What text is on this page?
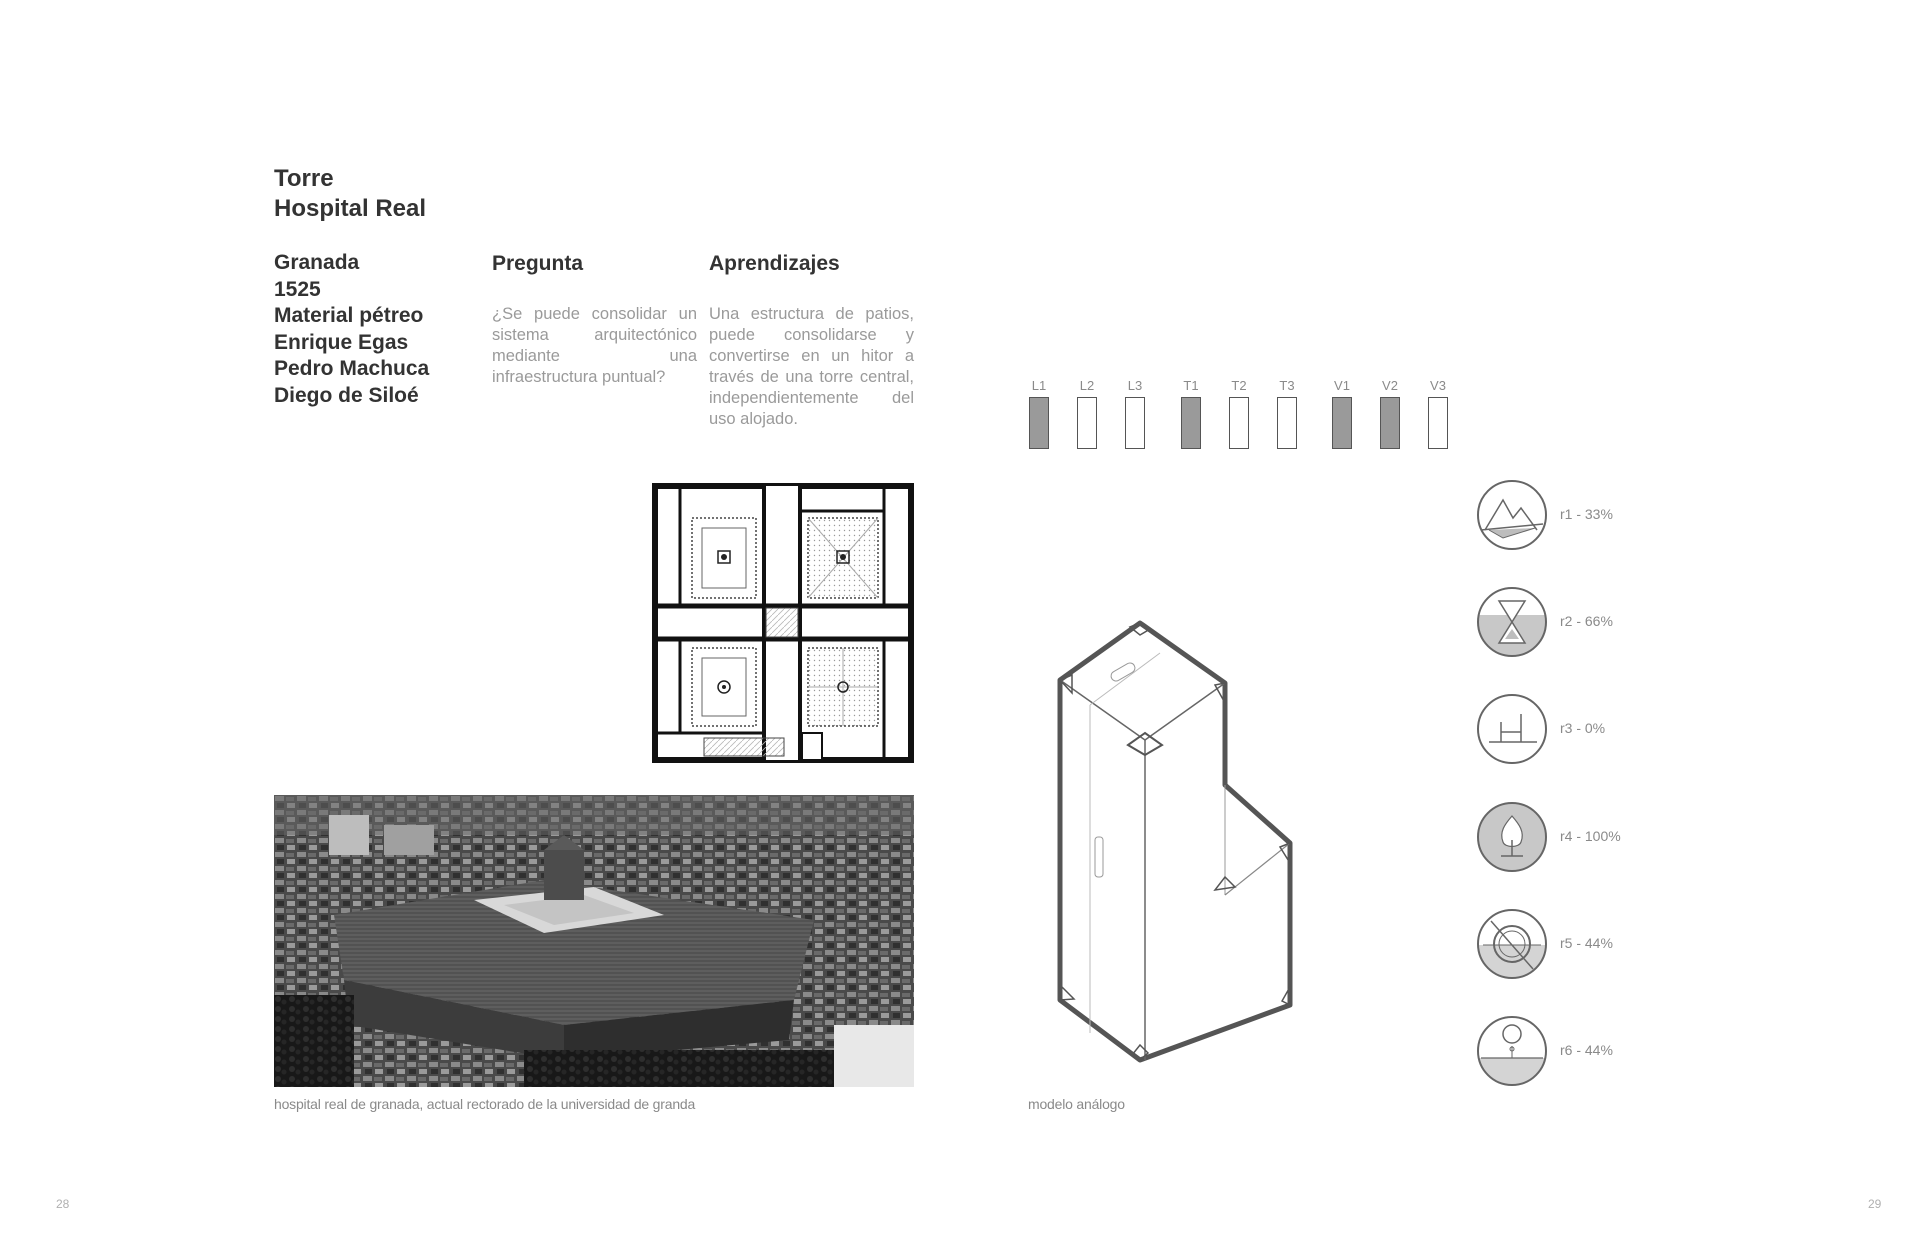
Torre
Hospital Real
Granada
1525
Material pétreo
Enrique Egas
Pedro Machuca
Diego de Siloé
Pregunta
¿Se puede consolidar un sistema arquitectónico mediante una infraestructura puntual?
Aprendizajes
Una estructura de patios, puede consolidarse y convertirse en un hitor a través de una torre central, independientemente del uso alojado.
hospital real de granada, actual rectorado de la universidad de granda
L1	L2	L3	T1	T2	T3	V1	V2	V3
modelo análogo
r1 - 33%
r2 - 66%
r3 - 0%
r4 - 100%
r5 - 44%
r6 - 44%
28	29
